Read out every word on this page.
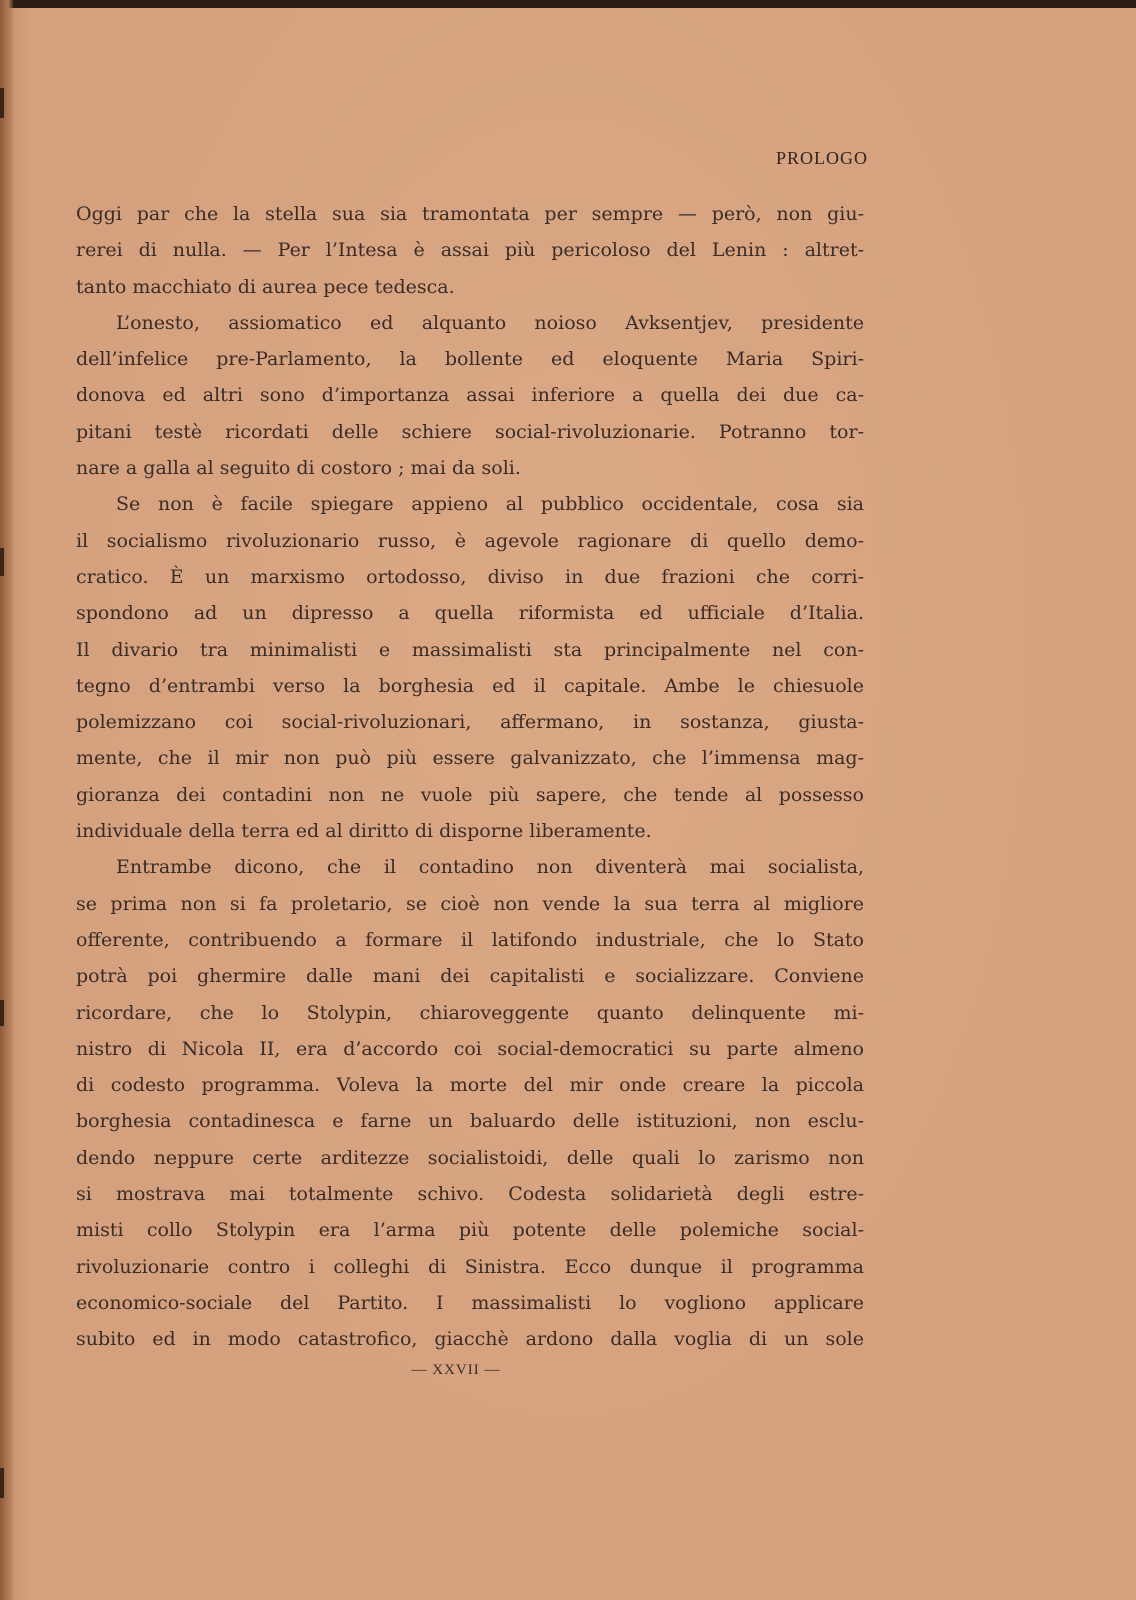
PROLOGO
Oggi par che la stella sua sia tramontata per sempre — però, non giu-
rerei di nulla. — Per l’Intesa è assai più pericoloso del Lenin : altret-
tanto macchiato di aurea pece tedesca.
L’onesto, assiomatico ed alquanto noioso Avksentjev, presidente
dell’infelice pre-Parlamento, la bollente ed eloquente Maria Spiri-
donova ed altri sono d’importanza assai inferiore a quella dei due ca-
pitani testè ricordati delle schiere social-rivoluzionarie. Potranno tor-
nare a galla al seguito di costoro ; mai da soli.
Se non è facile spiegare appieno al pubblico occidentale, cosa sia
il socialismo rivoluzionario russo, è agevole ragionare di quello demo-
cratico. È un marxismo ortodosso, diviso in due frazioni che corri-
spondono ad un dipresso a quella riformista ed ufficiale d’Italia.
Il divario tra minimalisti e massimalisti sta principalmente nel con-
tegno d’entrambi verso la borghesia ed il capitale. Ambe le chiesuole
polemizzano coi social-rivoluzionari, affermano, in sostanza, giusta-
mente, che il mir non può più essere galvanizzato, che l’immensa mag-
gioranza dei contadini non ne vuole più sapere, che tende al possesso
individuale della terra ed al diritto di disporne liberamente.
Entrambe dicono, che il contadino non diventerà mai socialista,
se prima non si fa proletario, se cioè non vende la sua terra al migliore
offerente, contribuendo a formare il latifondo industriale, che lo Stato
potrà poi ghermire dalle mani dei capitalisti e socializzare. Conviene
ricordare, che lo Stolypin, chiaroveggente quanto delinquente mi-
nistro di Nicola II, era d’accordo coi social-democratici su parte almeno
di codesto programma. Voleva la morte del mir onde creare la piccola
borghesia contadinesca e farne un baluardo delle istituzioni, non esclu-
dendo neppure certe arditezze socialistoidi, delle quali lo zarismo non
si mostrava mai totalmente schivo. Codesta solidarietà degli estre-
misti collo Stolypin era l’arma più potente delle polemiche social-
rivoluzionarie contro i colleghi di Sinistra. Ecco dunque il programma
economico-sociale del Partito. I massimalisti lo vogliono applicare
subito ed in modo catastrofico, giacchè ardono dalla voglia di un sole
— XXVII —
